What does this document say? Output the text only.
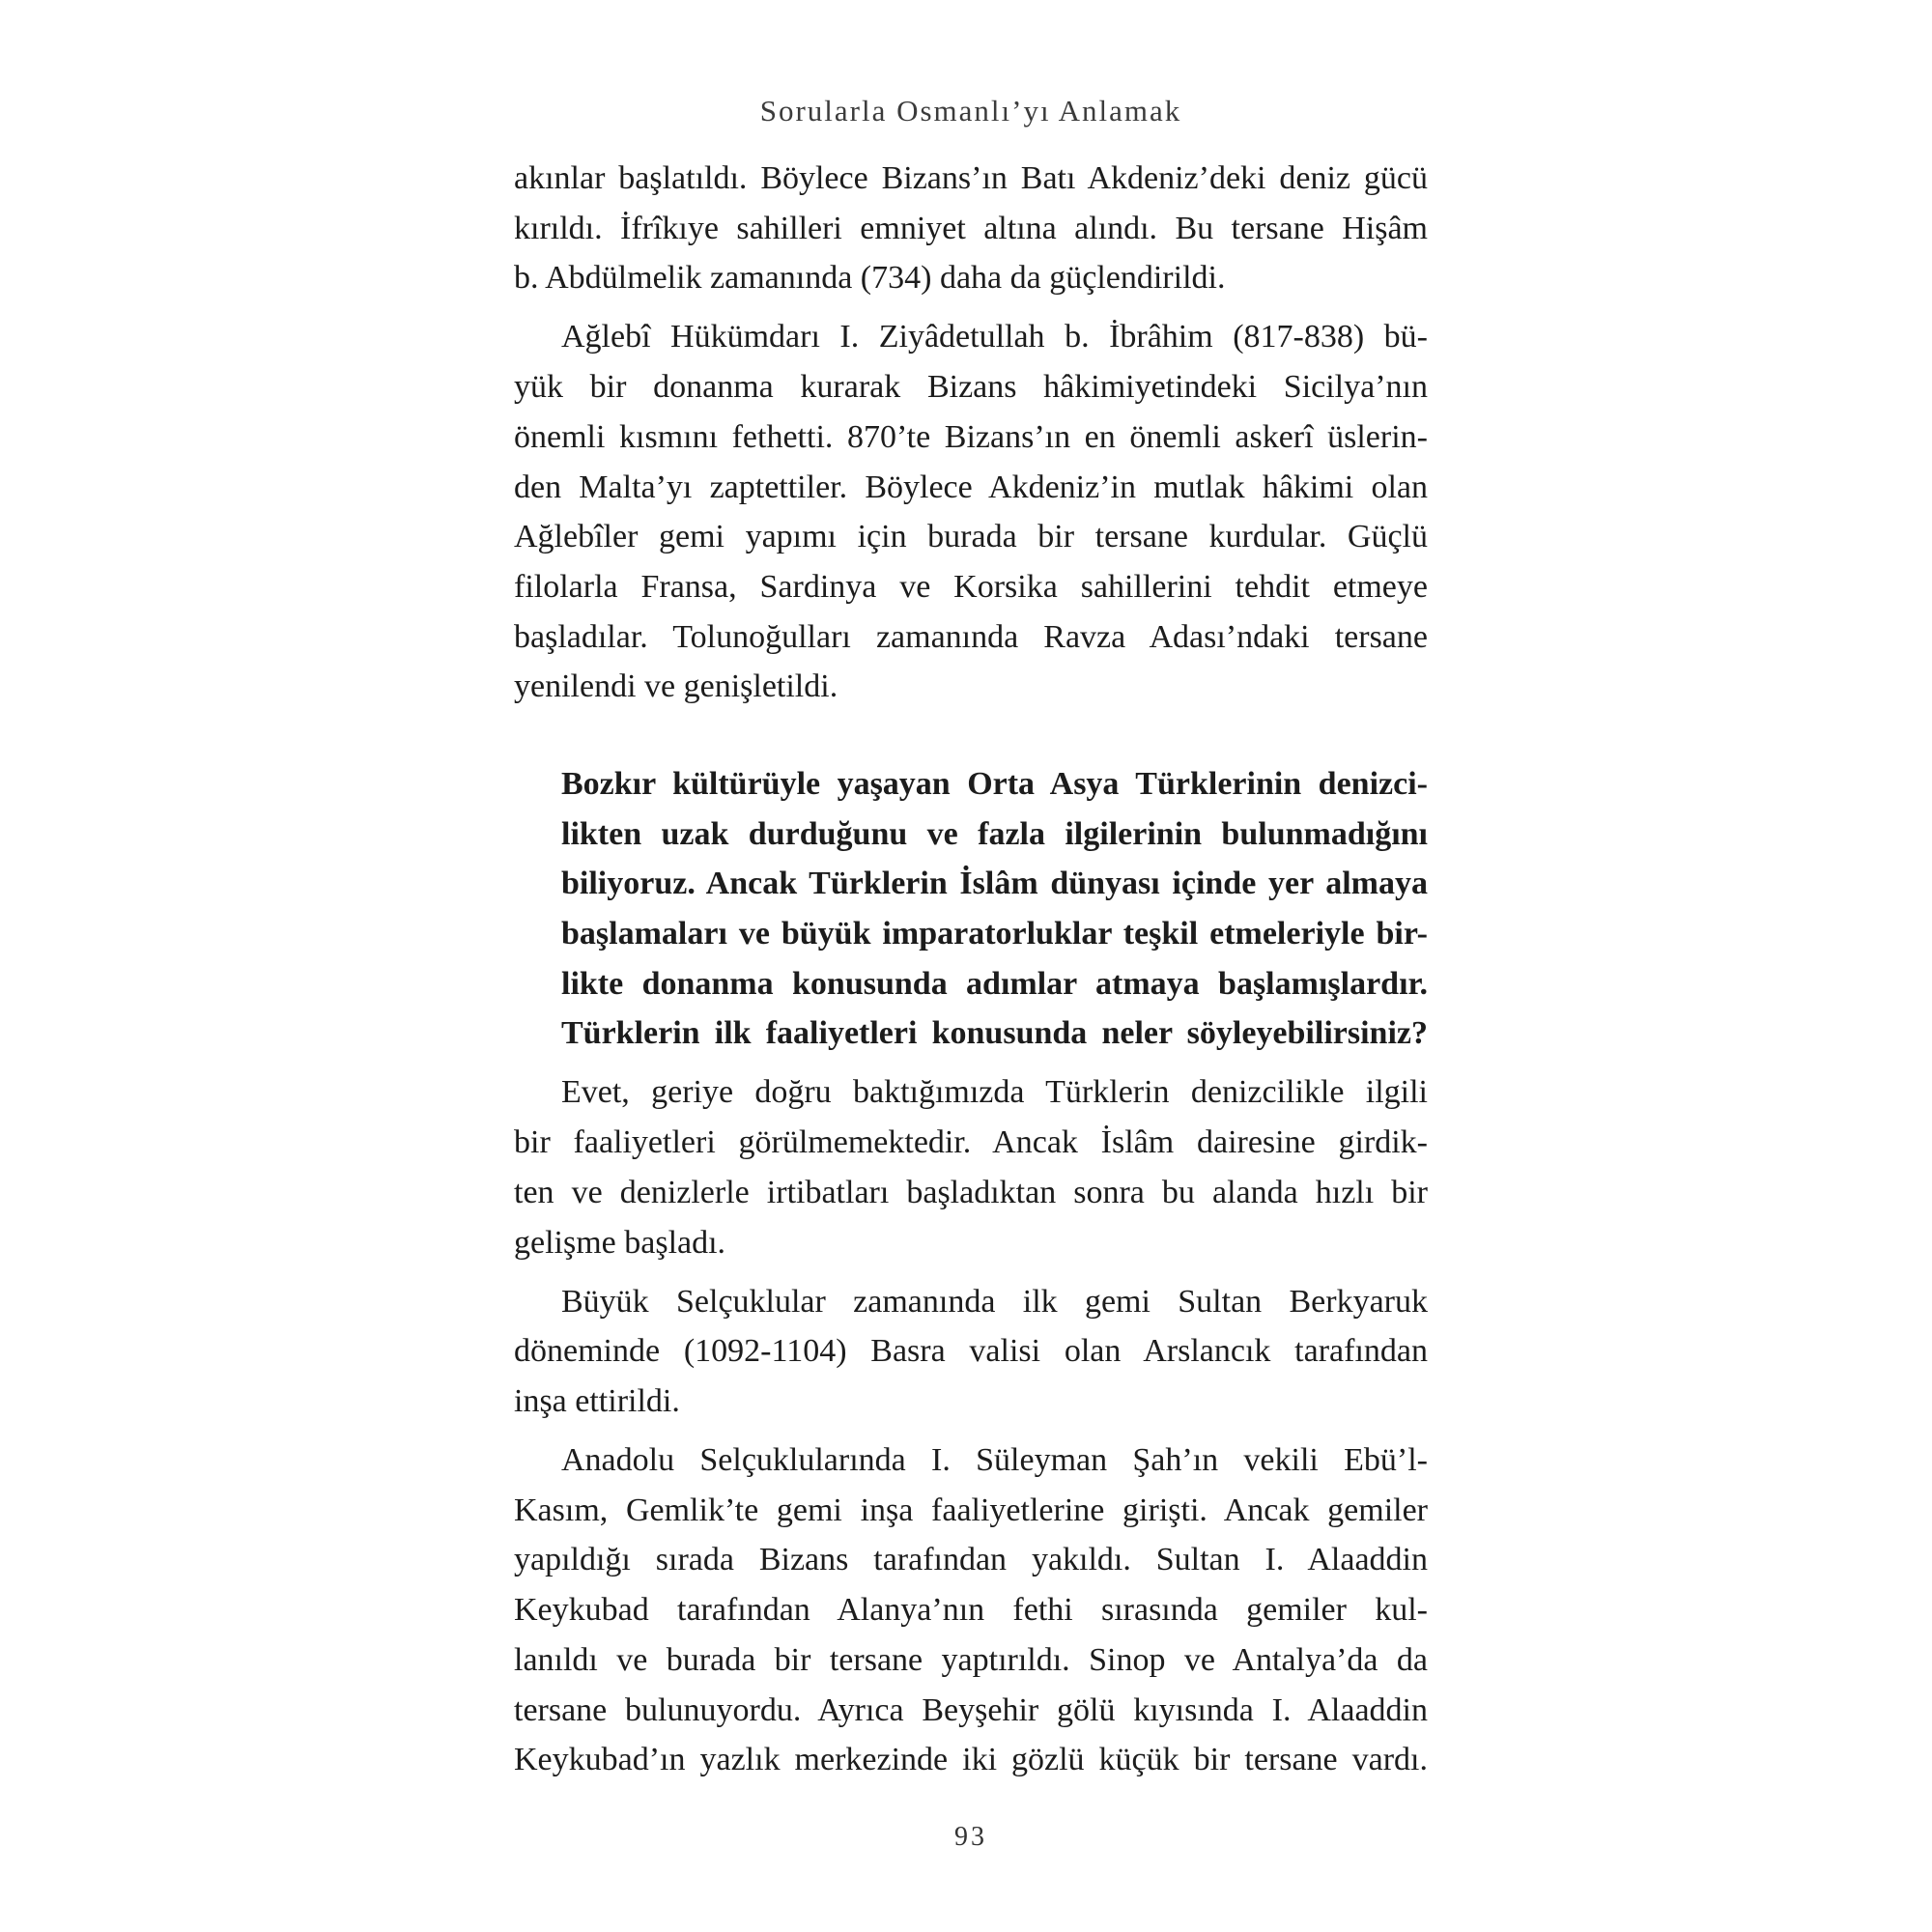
Sorularla Osmanlı’yı Anlamak
akınlar başlatıldı. Böylece Bizans’ın Batı Akdeniz’deki deniz gücü
kırıldı. İfrîkıye sahilleri emniyet altına alındı. Bu tersane Hişâm
b. Abdülmelik zamanında (734) daha da güçlendirildi.
Ağlebî Hükümdarı I. Ziyâdetullah b. İbrâhim (817-838) bü-
yük bir donanma kurarak Bizans hâkimiyetindeki Sicilya’nın
önemli kısmını fethetti. 870’te Bizans’ın en önemli askerî üslerin-
den Malta’yı zaptettiler. Böylece Akdeniz’in mutlak hâkimi olan
Ağlebîler gemi yapımı için burada bir tersane kurdular. Güçlü
filolarla Fransa, Sardinya ve Korsika sahillerini tehdit etmeye
başladılar. Tolunoğulları zamanında Ravza Adası’ndaki tersane
yenilendi ve genişletildi.
Bozkır kültürüyle yaşayan Orta Asya Türklerinin denizci-
likten uzak durduğunu ve fazla ilgilerinin bulunmadığını
biliyoruz. Ancak Türklerin İslâm dünyası içinde yer almaya
başlamaları ve büyük imparatorluklar teşkil etmeleriyle bir-
likte donanma konusunda adımlar atmaya başlamışlardır.
Türklerin ilk faaliyetleri konusunda neler söyleyebilirsiniz?
Evet, geriye doğru baktığımızda Türklerin denizcilikle ilgili
bir faaliyetleri görülmemektedir. Ancak İslâm dairesine girdik-
ten ve denizlerle irtibatları başladıktan sonra bu alanda hızlı bir
gelişme başladı.
Büyük Selçuklular zamanında ilk gemi Sultan Berkyaruk
döneminde (1092-1104) Basra valisi olan Arslancık tarafından
inşa ettirildi.
Anadolu Selçuklularında I. Süleyman Şah’ın vekili Ebü’l-
Kasım, Gemlik’te gemi inşa faaliyetlerine girişti. Ancak gemiler
yapıldığı sırada Bizans tarafından yakıldı. Sultan I. Alaaddin
Keykubad tarafından Alanya’nın fethi sırasında gemiler kul-
lanıldı ve burada bir tersane yaptırıldı. Sinop ve Antalya’da da
tersane bulunuyordu. Ayrıca Beyşehir gölü kıyısında I. Alaaddin
Keykubad’ın yazlık merkezinde iki gözlü küçük bir tersane vardı.
93
